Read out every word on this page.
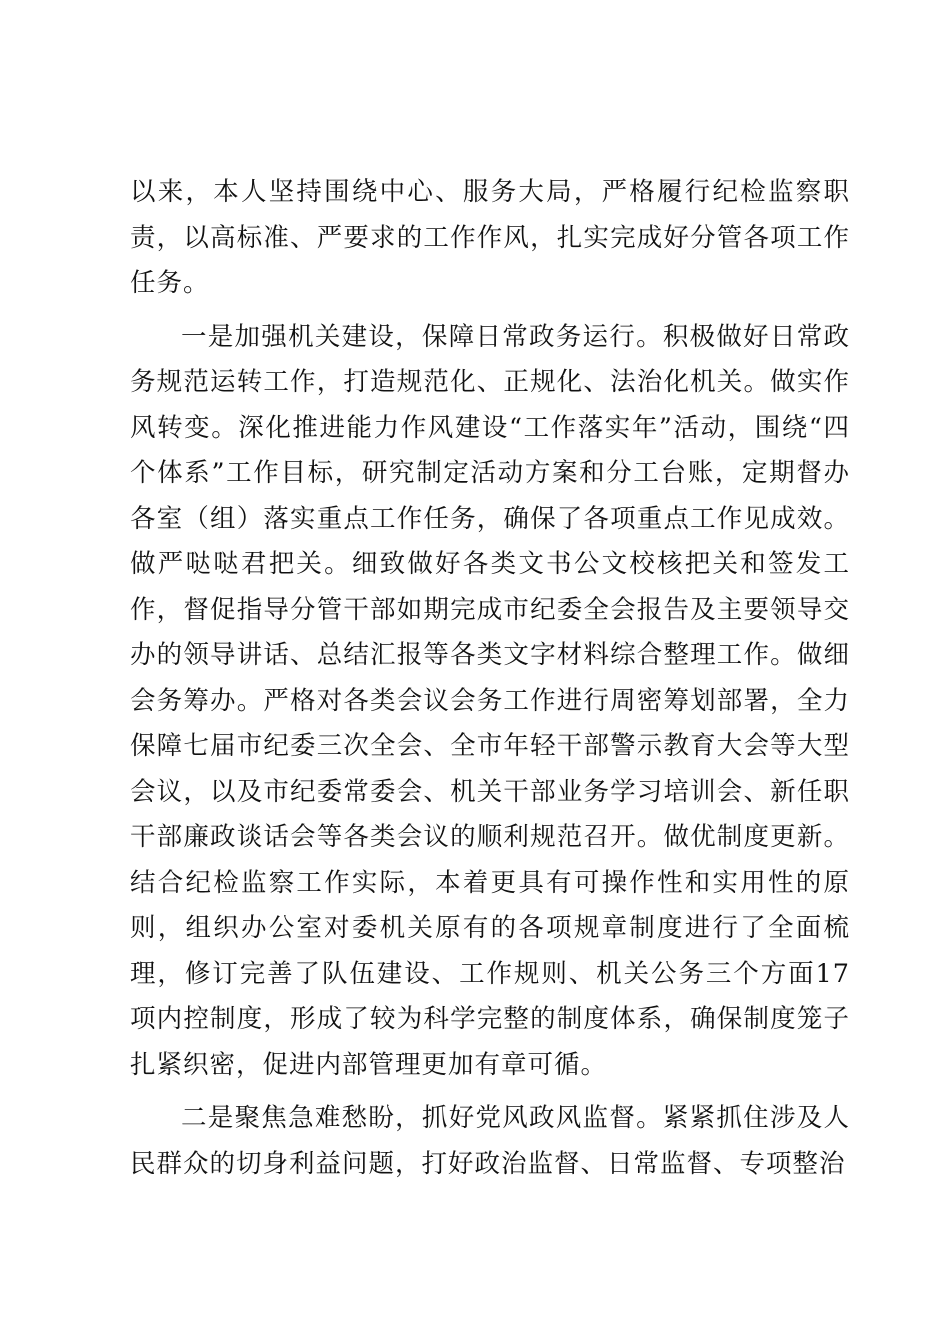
以来，本人坚持围绕中心、服务大局，严格履行纪检监察职责，以高标准、严要求的工作作风，扎实完成好分管各项工作任务。

一是加强机关建设，保障日常政务运行。积极做好日常政务规范运转工作，打造规范化、正规化、法治化机关。做实作风转变。深化推进能力作风建设“工作落实年”活动，围绕“四个体系”工作目标，研究制定活动方案和分工台账，定期督办各室（组）落实重点工作任务，确保了各项重点工作见成效。做严哒哒君把关。细致做好各类文书公文校核把关和签发工作，督促指导分管干部如期完成市纪委全会报告及主要领导交办的领导讲话、总结汇报等各类文字材料综合整理工作。做细会务筹办。严格对各类会议会务工作进行周密筹划部署，全力保障七届市纪委三次全会、全市年轻干部警示教育大会等大型会议，以及市纪委常委会、机关干部业务学习培训会、新任职干部廉政谈话会等各类会议的顺利规范召开。做优制度更新。结合纪检监察工作实际，本着更具有可操作性和实用性的原则，组织办公室对委机关原有的各项规章制度进行了全面梳理，修订完善了队伍建设、工作规则、机关公务三个方面17项内控制度，形成了较为科学完整的制度体系，确保制度笼子扎紧织密，促进内部管理更加有章可循。

二是聚焦急难愁盼，抓好党风政风监督。紧紧抓住涉及人民群众的切身利益问题，打好政治监督、日常监督、专项整治
